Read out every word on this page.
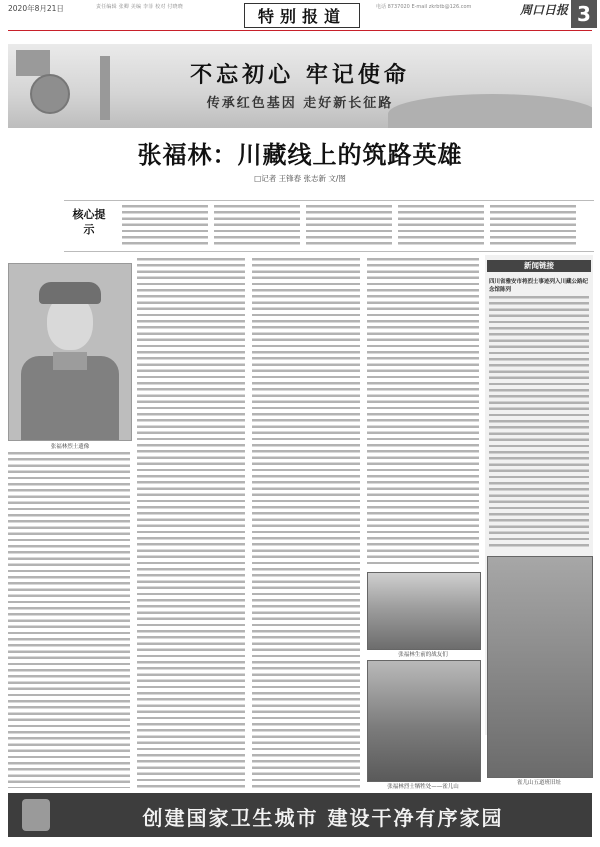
2020年8月21日	责任编辑 张卿 美编 李菲 校对 付晓晓	特别报道	电话 8737020 E-mail zkrbtb@126.com	周口日报 3
不忘初心 牢记使命
传承红色基因 走好新长征路
张福林：川藏线上的筑路英雄
□记者 王锋春 张志新 文/图
核心提示
张福林烈士遗像
新闻链接
四川省雅安市将烈士事迹列入川藏公路纪念馆陈列
张福林生前的战友们
张福林烈士牺牲处——雀儿山
雀儿山五道班旧址
创建国家卫生城市 建设干净有序家园
